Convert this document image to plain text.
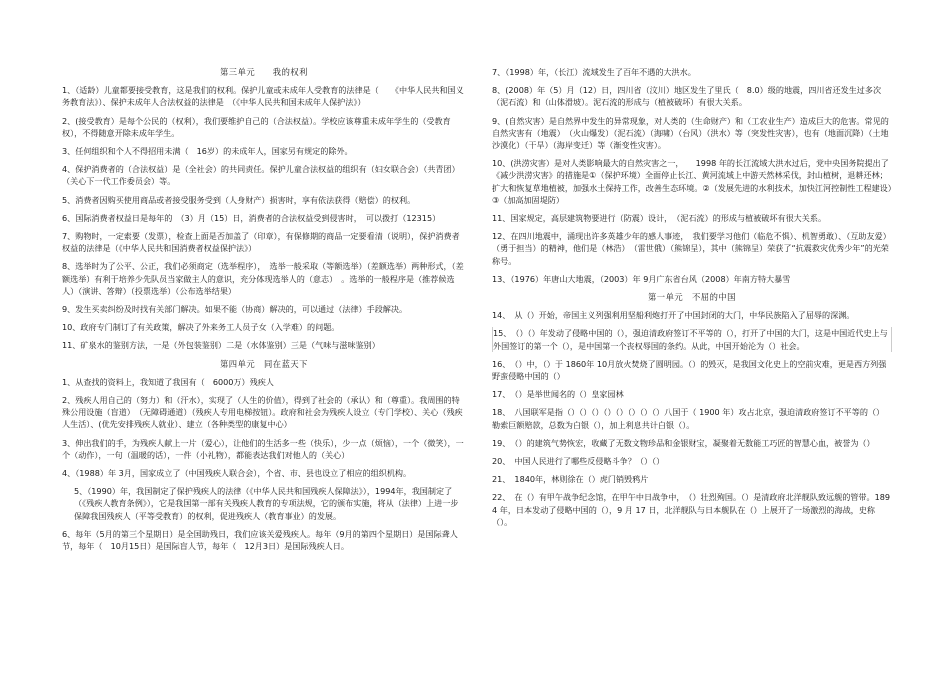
第三单元　　我的权利

1、（适龄）儿童都要接受教育，这是我们的权利。保护儿童或未成年人受教育的法律是（　　《中华人民共和国义务教育法》）、保护未成年人合法权益的法律是　（《中华人民共和国未成年人保护法》）

2、(接受教育）是每个公民的（权利），我们要维护自己的（合法权益）。学校应该尊重未成年学生的（受教育权），不得随意开除未成年学生。

3、任何组织和个人不得招用未满（　16岁）的未成年人，国家另有规定的除外。

4、保护消费者的（合法权益）是（全社会）的共同责任。保护儿童合法权益的组织有（妇女联合会）（共青团）（关心下一代工作委员会）等。

5、消费者因购买使用商品或者接受服务受到（人身财产）损害时，享有依法获得（赔偿）的权利。

6、国际消费者权益日是每年的　（3）月（15）日，消费者的合法权益受到侵害时，　可以拨打（12315）

7、购物时，一定索要（发票），检查上面是否加盖了（印章），有保修期的商品一定要看清（说明），保护消费者权益的法律是（《中华人民共和国消费者权益保护法》）

8、选举时为了公平、公正，我们必须商定（选举程序），　选举一般采取（等额选举）（差额选举）两种形式，（差额选举）有利于培养少先队员当家做主人的意识，充分体现选举人的（意志）　。选举的一般程序是（推荐候选人）（演讲、答辩）（投票选举）（公布选举结果）

9、发生买卖纠纷及时找有关部门解决。如果不能（协商）解决的，可以通过（法律）手段解决。

10、政府专门制订了有关政策，解决了外来务工人员子女（入学难）的问题。

11、矿泉水的鉴别方法，一是（外包装鉴别）二是（水体鉴别）三是（气味与滋味鉴别）

第四单元　同在蓝天下

1、从查找的资料上，我知道了我国有（　6000万）残疾人

2、残疾人用自己的（努力）和（汗水），实现了（人生的价值），得到了社会的（承认）和（尊重）。我周围的特殊公用设施（盲道）　（无障碍通道）（残疾人专用电梯按钮）。政府和社会为残疾人设立（专门学校）、关心（残疾人生活）、(优先安排残疾人就业）、建立（各种类型的康复中心）

3、伸出我们的手，为残疾人献上一片（爱心），让他们的生活多一些（快乐），少一点（烦恼），一个（微笑），一个（动作），一句（温暖的话），一件（小礼物），都能表达我们对他人的（关心）

4、（1988）年 3月，国家成立了（中国残疾人联合会），个省、市、县也设立了相应的组织机构。

5、（1990）年，我国制定了保护残疾人的法律（《中华人民共和国残疾人保障法》），1994年，我国制定了（《残疾人教育条例》），它是我国第一部有关残疾人教育的专项法规，它的颁布实施，将从（法律）上进一步保障我国残疾人（平等受教育）的权利，促进残疾人（教育事业）的发展。

6、每年（5月的第三个星期日）是全国助残日，我们应该关爱残疾人。每年（9月的第四个星期日）是国际聋人节，每年（　10月15日）是国际盲人节，每年（　12月3日）是国际残疾人日。

7、（1998）年，（长江）流域发生了百年不遇的大洪水。

8、(2008）年（5）月（12）日，四川省（汶川）地区发生了里氏（　8.0）级的地震，四川省还发生过多次（泥石流）和（山体滑坡）。泥石流的形成与（植被破坏）有很大关系。

9、(自然灾害）是自然界中发生的异常现象，对人类的（生命财产）和（工农业生产）造成巨大的危害。常见的自然灾害有（地震）　（火山爆发）（泥石流）（海啸）（台风）（洪水）等（突发性灾害），也有（地面沉降）（土地沙漠化）（干旱）（海岸变迁）等（渐变性灾害）。

10、(洪涝灾害）是对人类影响最大的自然灾害之一，　　1998 年的长江流域大洪水过后，党中央国务院提出了《减少洪涝灾害》的措施是①（保护环境）全面停止长江、黄河流域上中游天然林采伐，封山植树，退耕还林；扩大和恢复草地植被，加强水土保持工作，改善生态环境。②（发展先进的水利技术，加快江河控制性工程建设）③（加高加固堤防）

11、国家规定，高层建筑物要进行（防震）设计，　（泥石流）的形成与植被破坏有很大关系。

12、在四川地震中，涌现出许多英雄少年的感人事迹，　我们要学习他们（临危不惧）、机智勇敢）、（互助友爱）（勇于担当）的精神，他们是（林浩）　（雷世俄）（熊锦呈），其中（熊锦呈）荣获了“抗震救灾优秀少年”的光荣称号。

13、（1976）年唐山大地震，（2003）年 9月广东省台风（2008）年南方特大暴雪

第一单元　不屈的中国

14、　从（）开始，帝国主义列强利用坚船利炮打开了中国封闭的大门，中华民族陷入了屈辱的深渊。

15、　（）（）年发动了侵略中国的（），强迫清政府签订不平等的（），打开了中国的大门，这是中国近代史上与外国签订的第一个（），是中国第一个丧权辱国的条约。从此，中国开始沦为（）社会。

16、　（）中，（）于 1860年 10月放火焚烧了圆明园。（）的毁灭，是我国文化史上的空前灾难，更是西方列强野蛮侵略中国的（）

17、　（）是举世闻名的（）皇家园林

18、　八国联军是指（）（）（）（）（）（）（）（）八国于（ 1900 年）攻占北京，强迫清政府签订不平等的（）勒索巨额赔款，总数为白银（），加上利息共计白银（）。

19、　（）的建筑气势恢宏，收藏了无数文物珍品和金银财宝，凝聚着无数能工巧匠的智慧心血，被誉为（）

20、　中国人民进行了哪些反侵略斗争？（）（）

21、　1840年，林则徐在（）虎门销毁鸦片

22、　在（）有甲午战争纪念馆，在甲午中日战争中，　（）壮烈殉国。（）是清政府北洋舰队致远舰的管带。1894 年，日本发动了侵略中国的（），9 月 17 日，北洋舰队与日本舰队在（）上展开了一场激烈的海战，史称（）。
